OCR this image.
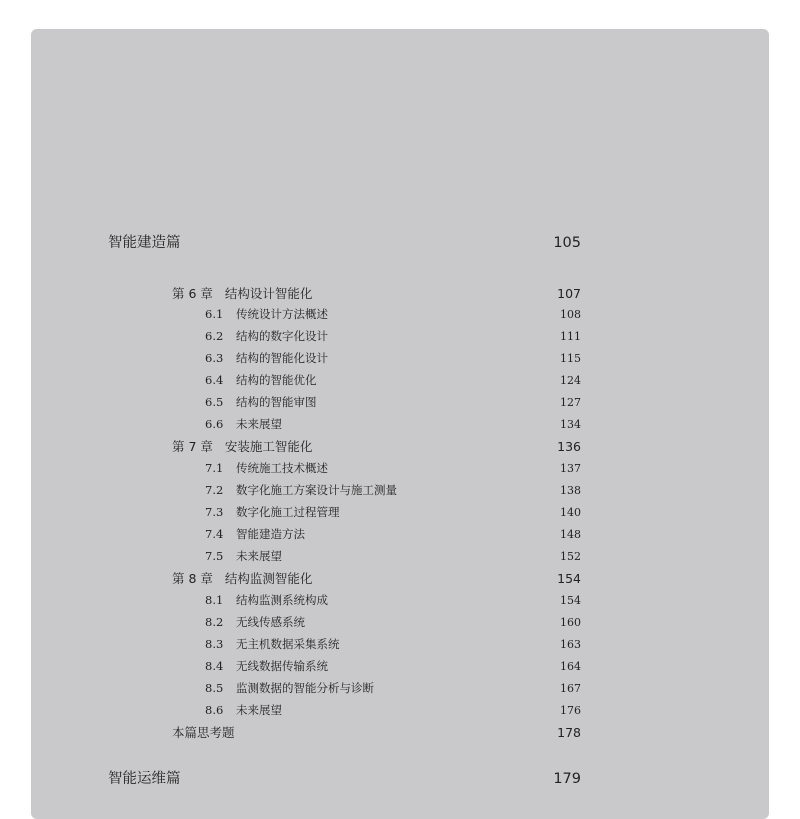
智能建造篇	105
第 6 章 结构设计智能化	107
6.1	传统设计方法概述	108
6.2	结构的数字化设计	111
6.3	结构的智能化设计	115
6.4	结构的智能优化	124
6.5	结构的智能审图	127
6.6	未来展望	134
第 7 章 安装施工智能化	136
7.1	传统施工技术概述	137
7.2	数字化施工方案设计与施工测量	138
7.3	数字化施工过程管理	140
7.4	智能建造方法	148
7.5	未来展望	152
第 8 章 结构监测智能化	154
8.1	结构监测系统构成	154
8.2	无线传感系统	160
8.3	无主机数据采集系统	163
8.4	无线数据传输系统	164
8.5	监测数据的智能分析与诊断	167
8.6	未来展望	176
本篇思考题	178
智能运维篇	179
